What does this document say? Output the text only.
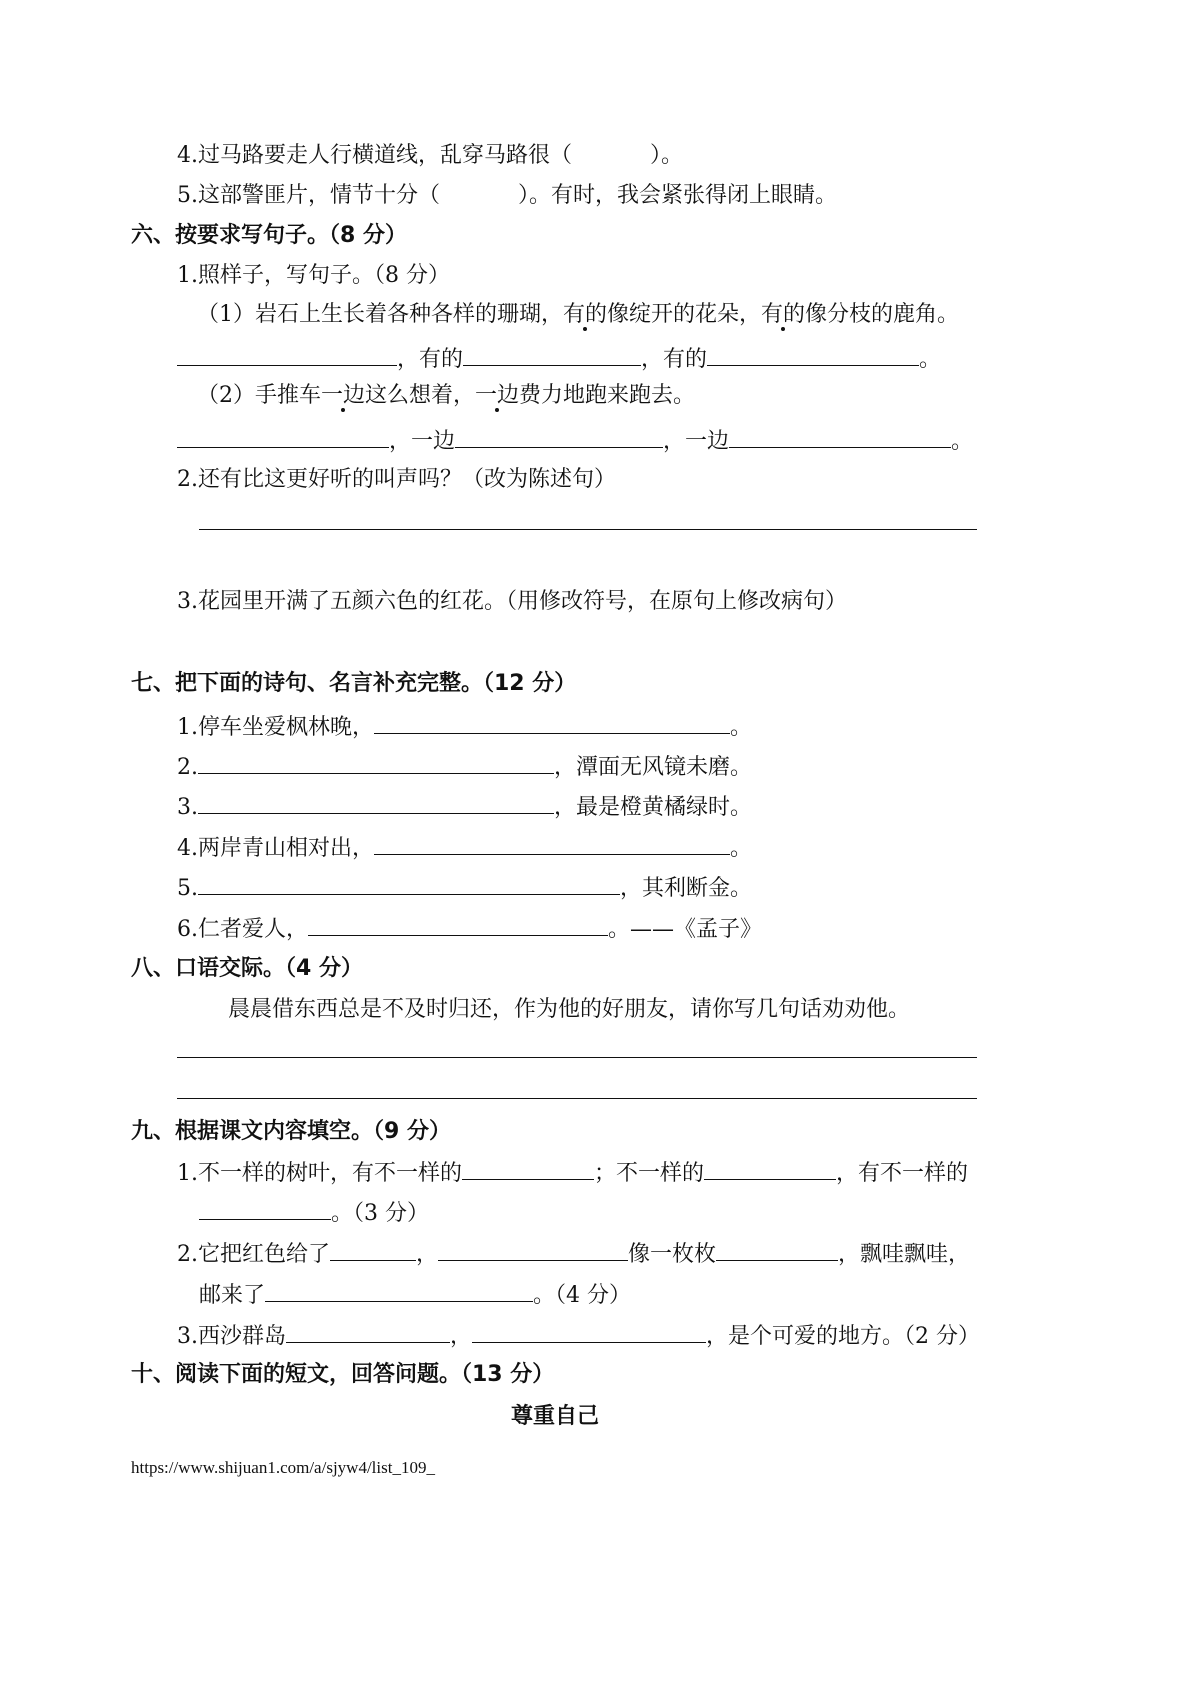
4.过马路要走人行横道线，乱穿马路很（	）。
5.这部警匪片，情节十分（	）。有时，我会紧张得闭上眼睛。
六、按要求写句子。（8 分）
1.照样子，写句子。（8 分）
（1）岩石上生长着各种各样的珊瑚，有的像绽开的花朵，有的像分枝的鹿角。
，有的	，有的	。
（2）手推车一边这么想着，一边费力地跑来跑去。
，一边	，一边	。
2.还有比这更好听的叫声吗？（改为陈述句）
3.花园里开满了五颜六色的红花。（用修改符号，在原句上修改病句）
七、把下面的诗句、名言补充完整。（12 分）
1.停车坐爱枫林晚，	。
2.	，潭面无风镜未磨。
3.	，最是橙黄橘绿时。
4.两岸青山相对出，	。
5.	，其利断金。
6.仁者爱人，	。——《孟子》
八、口语交际。（4 分）
晨晨借东西总是不及时归还，作为他的好朋友，请你写几句话劝劝他。
九、根据课文内容填空。（9 分）
1.不一样的树叶，有不一样的	；不一样的	，有不一样的
。（3 分）
2.它把红色给了	，	像一枚枚	，飘哇飘哇，
邮来了	。（4 分）
3.西沙群岛	，	，是个可爱的地方。（2 分）
十、阅读下面的短文，回答问题。（13 分）
尊重自己
https://www.shijuan1.com/a/sjyw4/list_109_
